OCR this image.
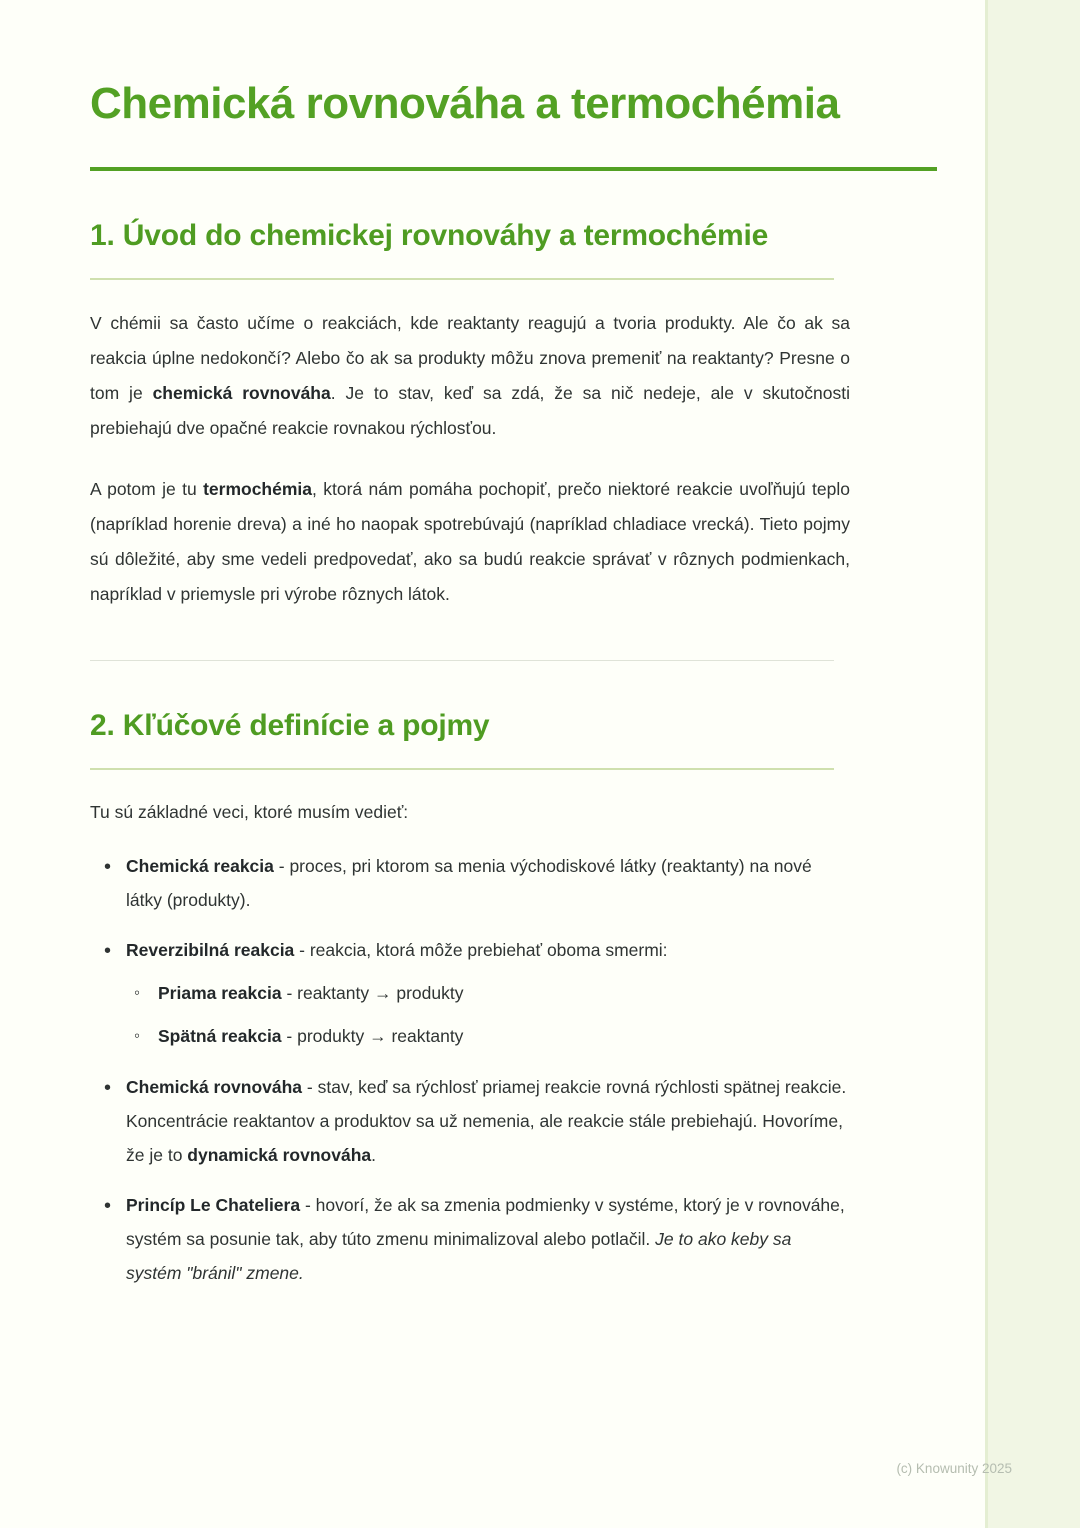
Chemická rovnováha a termochémia
1. Úvod do chemickej rovnováhy a termochémie

V chémii sa často učíme o reakciách, kde reaktanty reagujú a tvoria produkty. Ale čo ak sa reakcia úplne nedokončí? Alebo čo ak sa produkty môžu znova premeniť na reaktanty? Presne o tom je chemická rovnováha. Je to stav, keď sa zdá, že sa nič nedeje, ale v skutočnosti prebiehajú dve opačné reakcie rovnakou rýchlosťou.

A potom je tu termochémia, ktorá nám pomáha pochopiť, prečo niektoré reakcie uvoľňujú teplo (napríklad horenie dreva) a iné ho naopak spotrebúvajú (napríklad chladiace vrecká). Tieto pojmy sú dôležité, aby sme vedeli predpovedať, ako sa budú reakcie správať v rôznych podmienkach, napríklad v priemysle pri výrobe rôznych látok.

2. Kľúčové definície a pojmy

Tu sú základné veci, ktoré musím vedieť:

• Chemická reakcia - proces, pri ktorom sa menia východiskové látky (reaktanty) na nové látky (produkty).
• Reverzibilná reakcia - reakcia, ktorá môže prebiehať oboma smermi:
◦ Priama reakcia - reaktanty → produkty
◦ Spätná reakcia - produkty → reaktanty
• Chemická rovnováha - stav, keď sa rýchlosť priamej reakcie rovná rýchlosti spätnej reakcie. Koncentrácie reaktantov a produktov sa už nemenia, ale reakcie stále prebiehajú. Hovoríme, že je to dynamická rovnováha.
• Princíp Le Chateliera - hovorí, že ak sa zmenia podmienky v systéme, ktorý je v rovnováhe, systém sa posunie tak, aby túto zmenu minimalizoval alebo potlačil. Je to ako keby sa systém "bránil" zmene.
(c) Knowunity 2025
